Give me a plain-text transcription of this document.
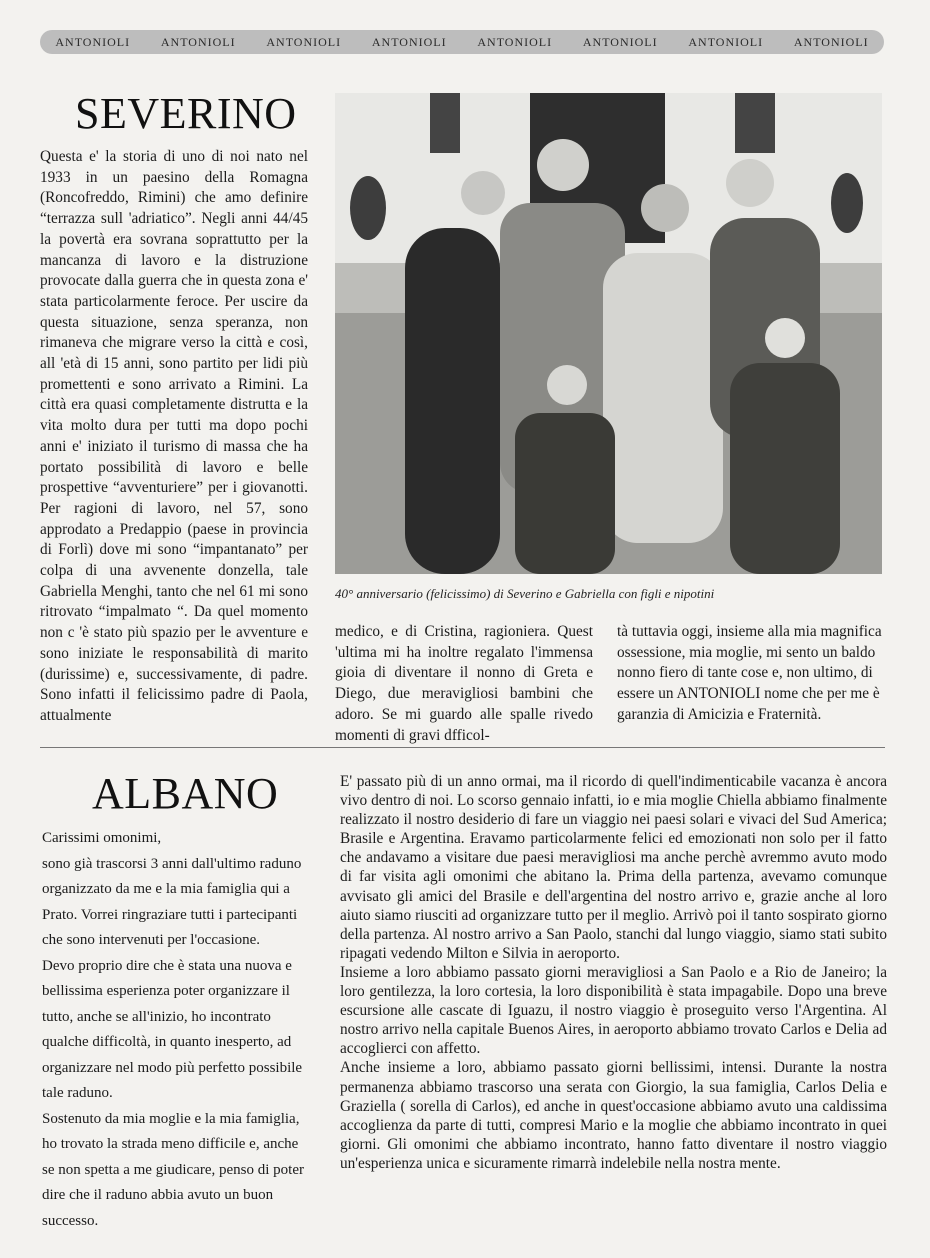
ANTONIOLI	ANTONIOLI	ANTONIOLI	ANTONIOLI	ANTONIOLI	ANTONIOLI	ANTONIOLI	ANTONIOLI
SEVERINO

Questa e' la storia di uno di noi nato nel 1933 in un paesino della Romagna (Roncofreddo, Rimini) che amo definire “terrazza sull 'adriatico”. Negli anni 44/45 la povertà era sovrana soprattutto per la mancanza di lavoro e la distruzione provocate dalla guerra che in questa zona e' stata particolarmente feroce. Per uscire da questa situazione, senza speranza, non rimaneva che migrare verso la città e così, all 'età di 15 anni, sono partito per lidi più promettenti e sono arrivato a Rimini. La città era quasi completamente distrutta e la vita molto dura per tutti ma dopo pochi anni e' iniziato il turismo di massa che ha portato possibilità di lavoro e belle prospettive “avventuriere” per i giovanotti. Per ragioni di lavoro, nel 57, sono approdato a Predappio (paese in provincia di Forlì) dove mi sono “impantanato” per colpa di una avvenente donzella, tale Gabriella Menghi, tanto che nel 61 mi sono ritrovato “impalmato “. Da quel momento non c 'è stato più spazio per le avventure e sono iniziate le responsabilità di marito (durissime) e, successivamente, di padre. Sono infatti il felicissimo padre di Paola, attualmente

40° anniversario (felicissimo) di Severino e Gabriella con figli e nipotini

medico, e di Cristina, ragioniera. Quest 'ultima mi ha inoltre regalato l'immensa gioia di diventare il nonno di Greta e Diego, due meravigliosi bambini che adoro. Se mi guardo alle spalle rivedo momenti di gravi dfficol-

tà tuttavia oggi, insieme alla mia magnifica ossessione, mia moglie, mi sento un baldo nonno fiero di tante cose e, non ultimo, di essere un ANTONIOLI nome che per me è garanzia di Amicizia e Fraternità.

ALBANO

Carissimi omonimi,

sono già trascorsi 3 anni dall'ultimo raduno organizzato da me e la mia famiglia qui a Prato. Vorrei ringraziare tutti i partecipanti che sono intervenuti per l'occasione.

Devo proprio dire che è stata una nuova e bellissima esperienza poter organizzare il tutto, anche se all'inizio, ho incontrato qualche difficoltà, in quanto inesperto, ad organizzare nel modo più perfetto possibile tale raduno.

Sostenuto da mia moglie e la mia famiglia, ho trovato la strada meno difficile e, anche se non spetta a me giudicare, penso di poter dire che il raduno abbia avuto un buon successo.

E' passato più di un anno ormai, ma il ricordo di quell'indimenticabile vacanza è ancora vivo dentro di noi. Lo scorso gennaio infatti, io e mia moglie Chiella abbiamo finalmente realizzato il nostro desiderio di fare un viaggio nei paesi solari e vivaci del Sud America; Brasile e Argentina. Eravamo particolarmente felici ed emozionati non solo per il fatto che andavamo a visitare due paesi meravigliosi ma anche perchè avremmo avuto modo di far visita agli omonimi che abitano la. Prima della partenza, avevamo comunque avvisato gli amici del Brasile e dell'argentina del nostro arrivo e, grazie anche al loro aiuto siamo riusciti ad organizzare tutto per il meglio. Arrivò poi il tanto sospirato giorno della partenza. Al nostro arrivo a San Paolo, stanchi dal lungo viaggio, siamo stati subito ripagati vedendo Milton e Silvia in aeroporto.

Insieme a loro abbiamo passato giorni meravigliosi a San Paolo e a Rio de Janeiro; la loro gentilezza, la loro cortesia, la loro disponibilità è stata impagabile. Dopo una breve escursione alle cascate di Iguazu, il nostro viaggio è proseguito verso l'Argentina. Al nostro arrivo nella capitale Buenos Aires, in aeroporto abbiamo trovato Carlos e Delia ad accoglierci con affetto.

Anche insieme a loro, abbiamo passato giorni bellissimi, intensi. Durante la nostra permanenza abbiamo trascorso una serata con Giorgio, la sua famiglia, Carlos Delia e Graziella ( sorella di Carlos), ed anche in quest'occasione abbiamo avuto una caldissima accoglienza da parte di tutti, compresi Mario e la moglie che abbiamo incontrato in quei giorni. Gli omonimi che abbiamo incontrato, hanno fatto diventare il nostro viaggio un'esperienza unica e sicuramente rimarrà indelebile nella nostra mente.
